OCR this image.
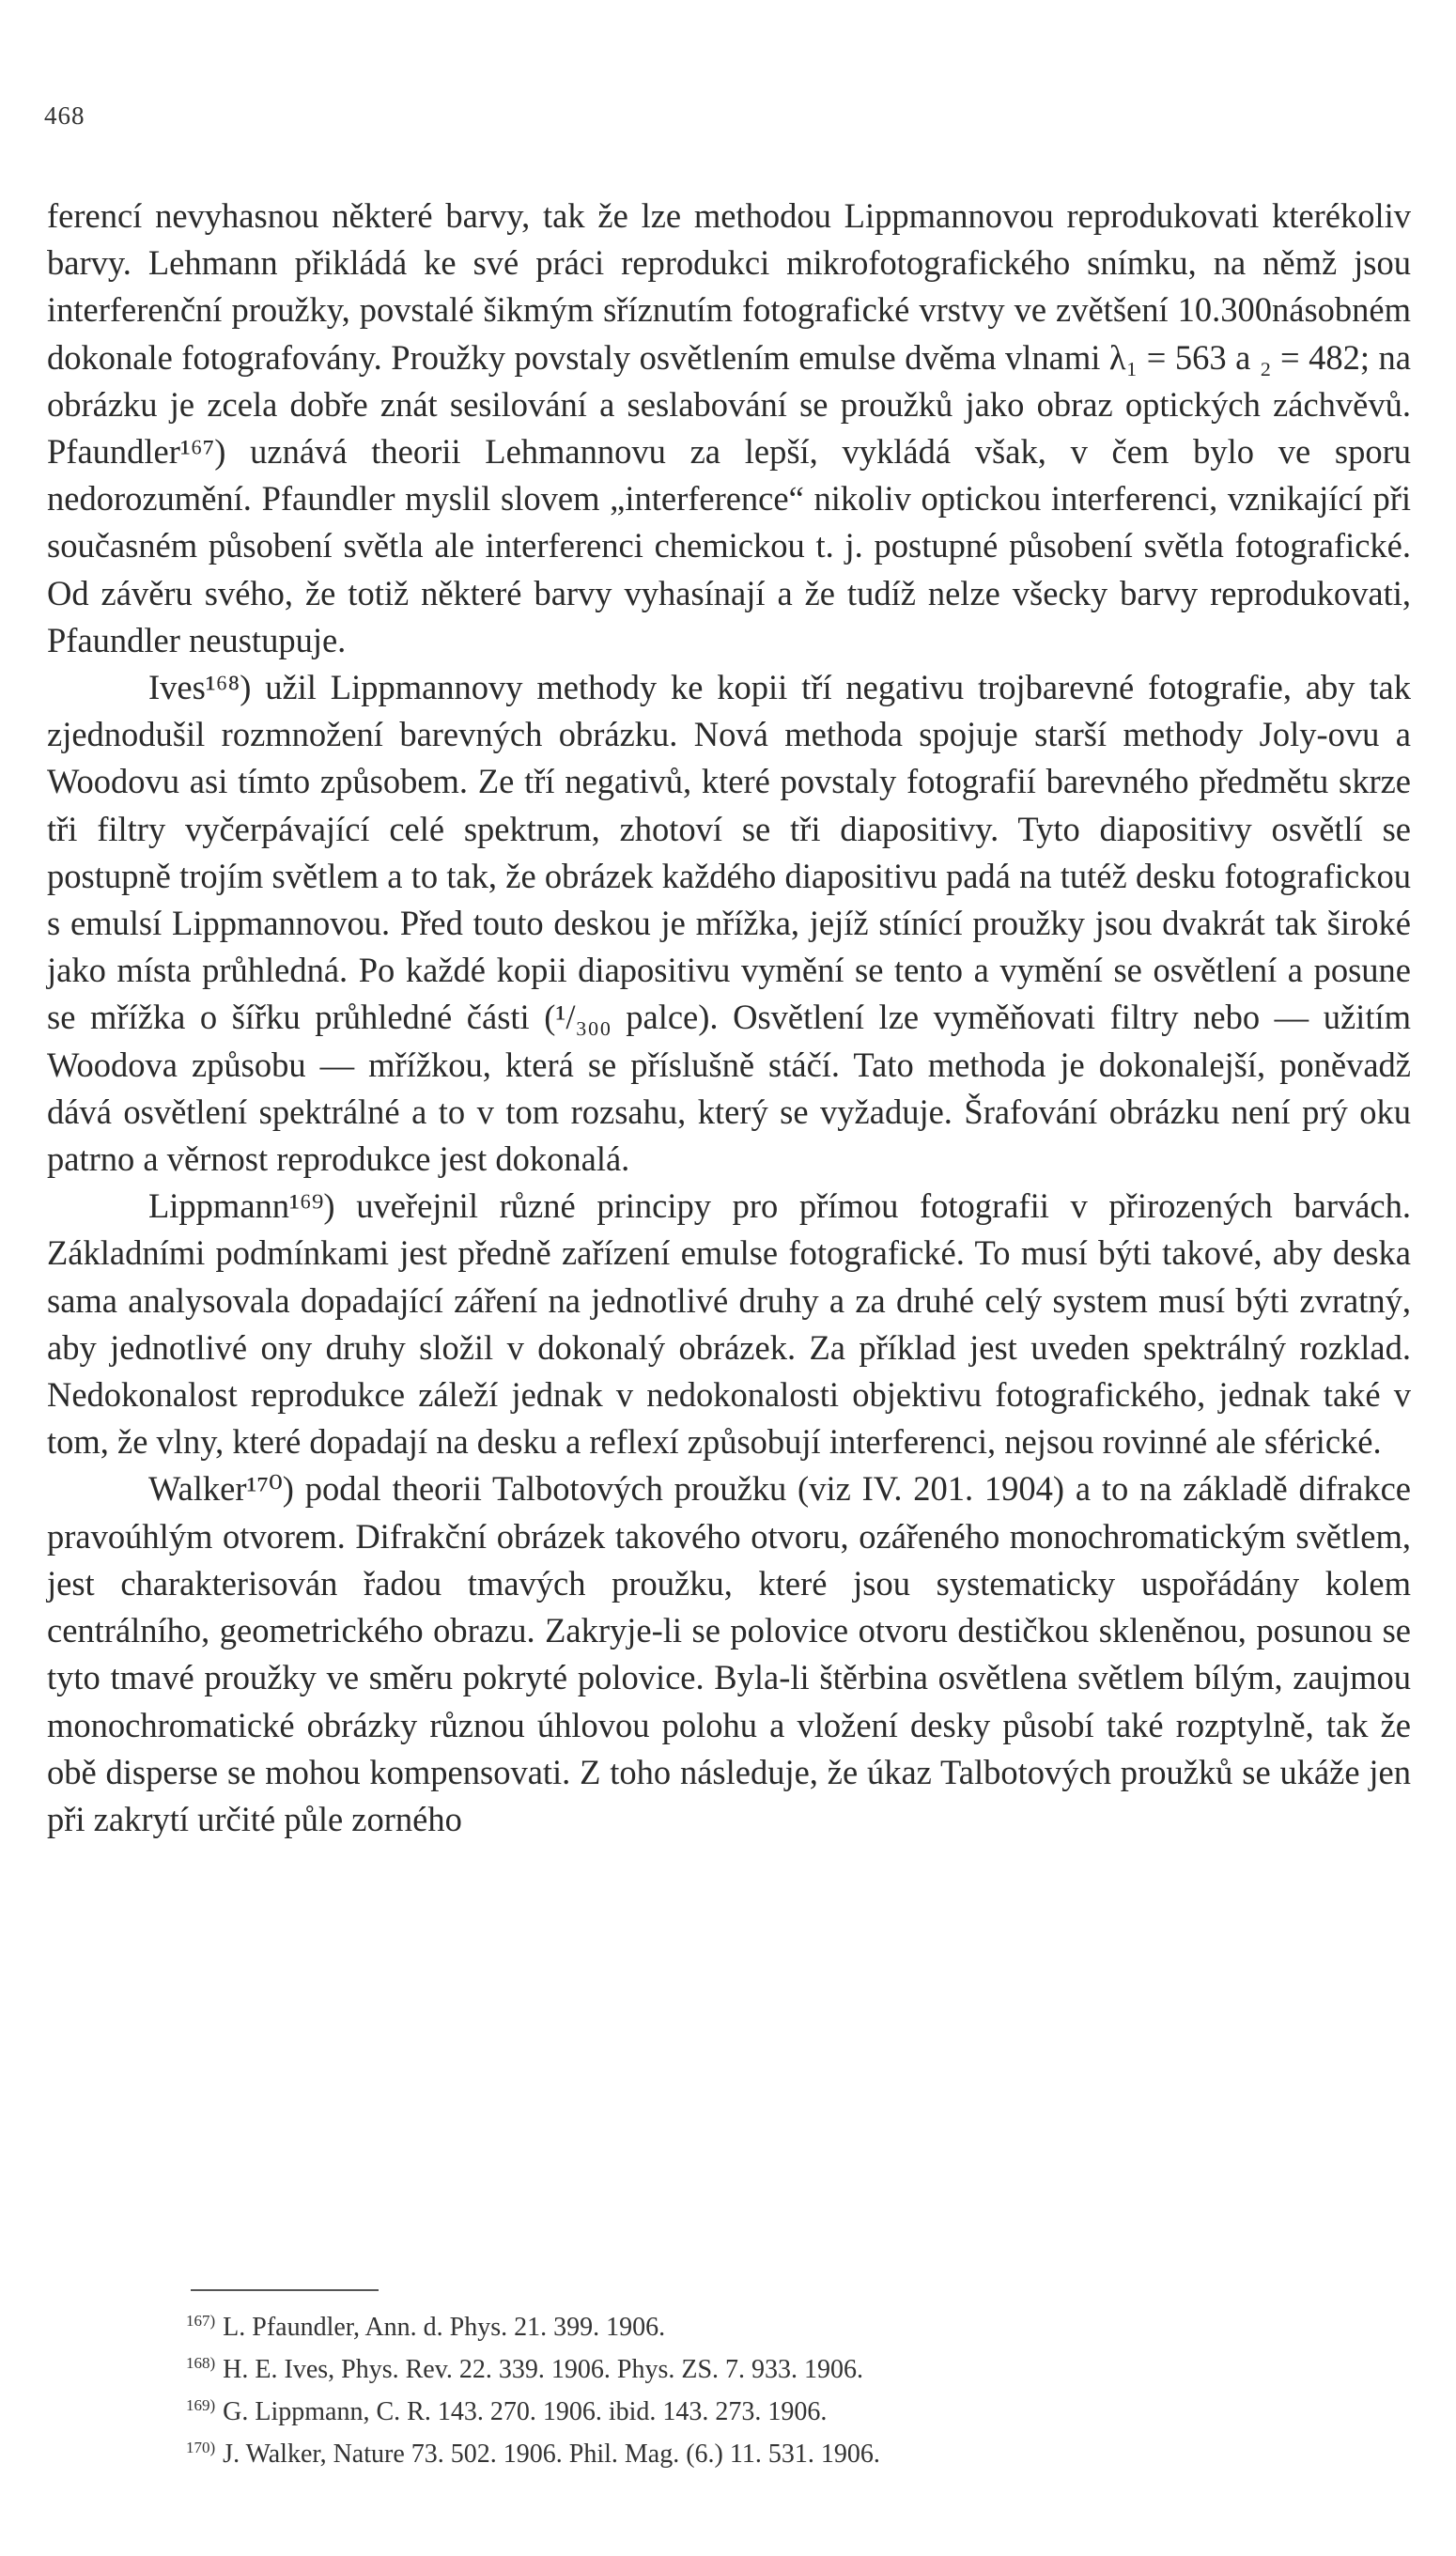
468

ferencí nevyhasnou některé barvy, tak že lze methodou Lippmannovou reprodukovati kterékoliv barvy. Lehmann přikládá ke své práci reprodukci mikrofotografického snímku, na němž jsou interferenční proužky, povstalé šikmým sříznutím fotografické vrstvy ve zvětšení 10.300násobném dokonale fotografovány. Proužky povstaly osvětlením emulse dvěma vlnami λ₁ = 563 a ₂ = 482; na obrázku je zcela dobře znát sesilování a seslabování se proužků jako obraz optických záchvěvů. Pfaundler¹⁶⁷) uznává theorii Lehmannovu za lepší, vykládá však, v čem bylo ve sporu nedorozumění. Pfaundler myslil slovem „interference“ nikoliv optickou interferenci, vznikající při současném působení světla ale interferenci chemickou t. j. postupné působení světla fotografické. Od závěru svého, že totiž některé barvy vyhasínají a že tudíž nelze všecky barvy reprodukovati, Pfaundler neustupuje.

Ives¹⁶⁸) užil Lippmannovy methody ke kopii tří negativu trojbarevné fotografie, aby tak zjednodušil rozmnožení barevných obrázku. Nová methoda spojuje starší methody Joly-ovu a Woodovu asi tímto způsobem. Ze tří negativů, které povstaly fotografií barevného předmětu skrze tři filtry vyčerpávající celé spektrum, zhotoví se tři diapositivy. Tyto diapositivy osvětlí se postupně trojím světlem a to tak, že obrázek každého diapositivu padá na tutéž desku fotografickou s emulsí Lippmannovou. Před touto deskou je mřížka, jejíž stínící proužky jsou dvakrát tak široké jako místa průhledná. Po každé kopii diapositivu vymění se tento a vymění se osvětlení a posune se mřížka o šířku průhledné části (¹/₃₀₀ palce). Osvětlení lze vyměňovati filtry nebo — užitím Woodova způsobu — mřížkou, která se příslušně stáčí. Tato methoda je dokonalejší, poněvadž dává osvětlení spektrálné a to v tom rozsahu, který se vyžaduje. Šrafování obrázku není prý oku patrno a věrnost reprodukce jest dokonalá.

Lippmann¹⁶⁹) uveřejnil různé principy pro přímou fotografii v přirozených barvách. Základními podmínkami jest předně zařízení emulse fotografické. To musí býti takové, aby deska sama analysovala dopadající záření na jednotlivé druhy a za druhé celý system musí býti zvratný, aby jednotlivé ony druhy složil v dokonalý obrázek. Za příklad jest uveden spektrálný rozklad. Nedokonalost reprodukce záleží jednak v nedokonalosti objektivu fotografického, jednak také v tom, že vlny, které dopadají na desku a reflexí způsobují interferenci, nejsou rovinné ale sférické.

Walker¹⁷⁰) podal theorii Talbotových proužku (viz IV. 201. 1904) a to na základě difrakce pravoúhlým otvorem. Difrakční obrázek takového otvoru, ozářeného monochromatickým světlem, jest charakterisován řadou tmavých proužku, které jsou systematicky uspořádány kolem centrálního, geometrického obrazu. Zakryje-li se polovice otvoru destičkou skleněnou, posunou se tyto tmavé proužky ve směru pokryté polovice. Byla-li štěrbina osvětlena světlem bílým, zaujmou monochromatické obrázky různou úhlovou polohu a vložení desky působí také rozptylně, tak že obě disperse se mohou kompensovati. Z toho následuje, že úkaz Talbotových proužků se ukáže jen při zakrytí určité půle zorného

$^{167)}$ L. Pfaundler, Ann. d. Phys. 21. 399. 1906.
$^{168)}$ H. E. Ives, Phys. Rev. 22. 339. 1906. Phys. ZS. 7. 933. 1906.
$^{169)}$ G. Lippmann, C. R. 143. 270. 1906. ibid. 143. 273. 1906.
$^{170)}$ J. Walker, Nature 73. 502. 1906. Phil. Mag. (6.) 11. 531. 1906.
